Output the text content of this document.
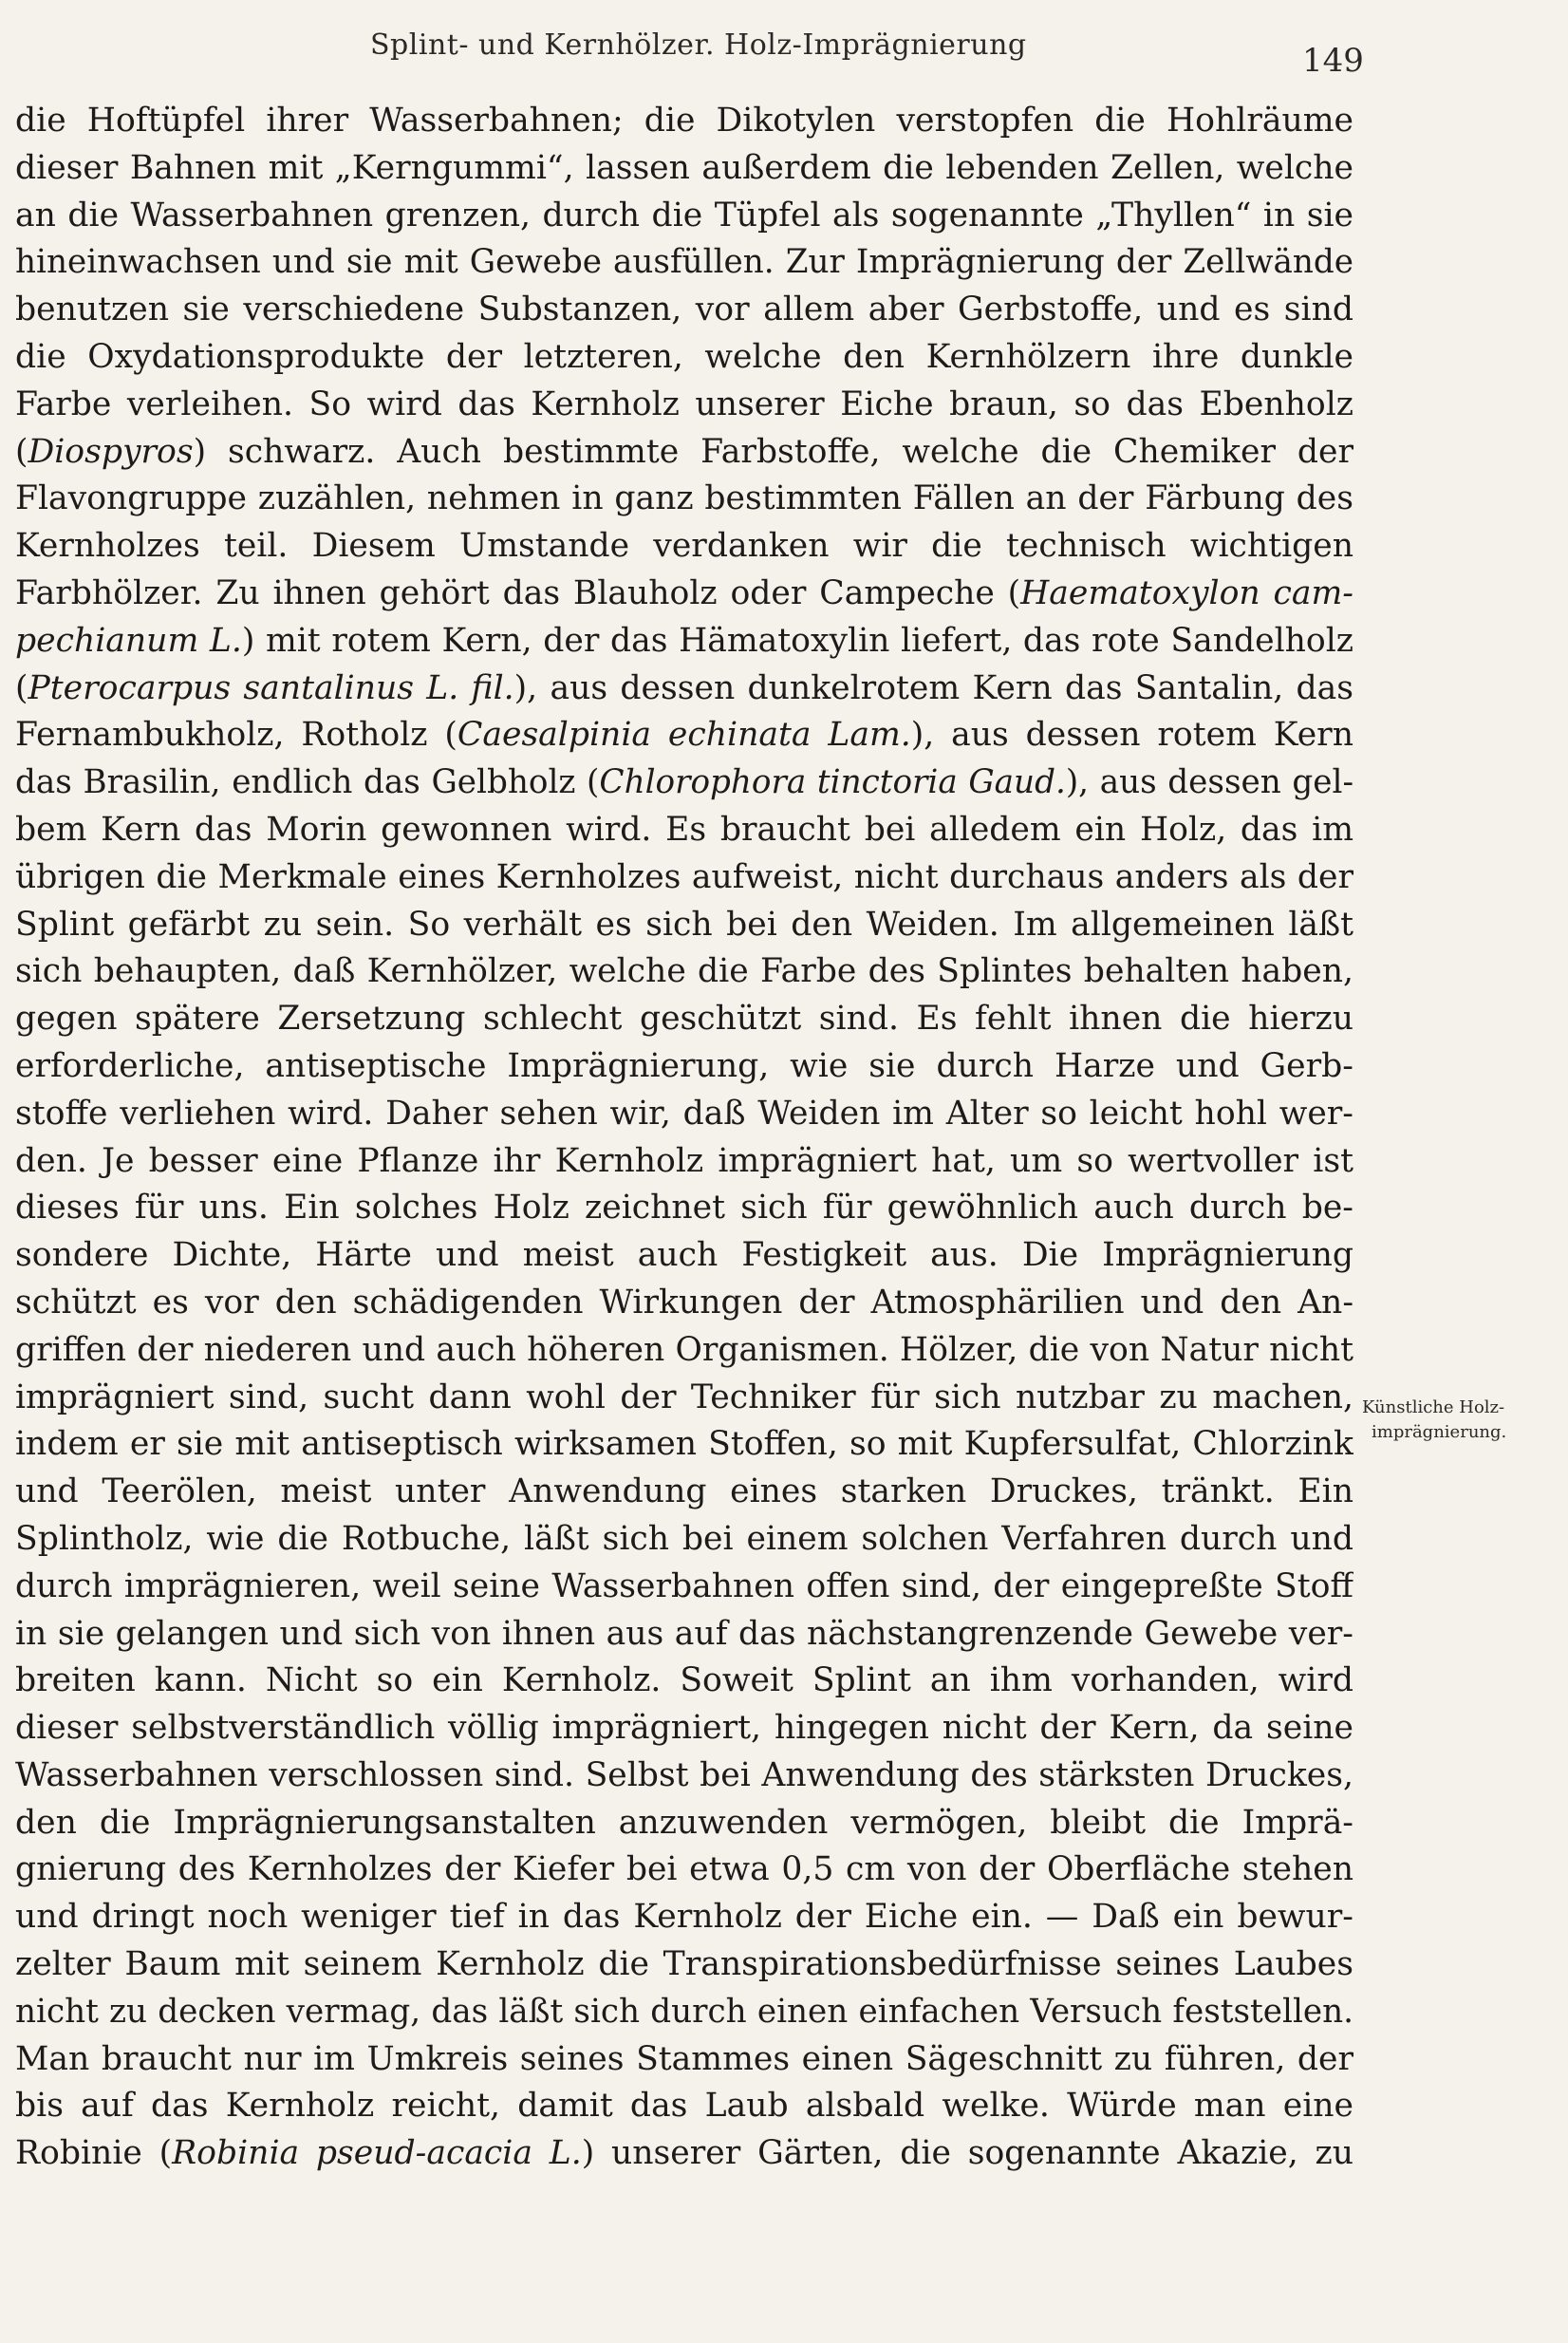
Splint- und Kernhölzer. Holz-Imprägnierung	149
die Hoftüpfel ihrer Wasserbahnen; die Dikotylen verstopfen die Hohlräume
dieser Bahnen mit „Kerngummi“, lassen außerdem die lebenden Zellen, welche
an die Wasserbahnen grenzen, durch die Tüpfel als sogenannte „Thyllen“ in sie
hineinwachsen und sie mit Gewebe ausfüllen. Zur Imprägnierung der Zellwände
benutzen sie verschiedene Substanzen, vor allem aber Gerbstoffe, und es sind
die Oxydationsprodukte der letzteren, welche den Kernhölzern ihre dunkle
Farbe verleihen. So wird das Kernholz unserer Eiche braun, so das Ebenholz
(Diospyros) schwarz. Auch bestimmte Farbstoffe, welche die Chemiker der
Flavongruppe zuzählen, nehmen in ganz bestimmten Fällen an der Färbung des
Kernholzes teil. Diesem Umstande verdanken wir die technisch wichtigen
Farbhölzer. Zu ihnen gehört das Blauholz oder Campeche (Haematoxylon cam-
pechianum L.) mit rotem Kern, der das Hämatoxylin liefert, das rote Sandelholz
(Pterocarpus santalinus L. fil.), aus dessen dunkelrotem Kern das Santalin, das
Fernambukholz, Rotholz (Caesalpinia echinata Lam.), aus dessen rotem Kern
das Brasilin, endlich das Gelbholz (Chlorophora tinctoria Gaud.), aus dessen gel-
bem Kern das Morin gewonnen wird. Es braucht bei alledem ein Holz, das im
übrigen die Merkmale eines Kernholzes aufweist, nicht durchaus anders als der
Splint gefärbt zu sein. So verhält es sich bei den Weiden. Im allgemeinen läßt
sich behaupten, daß Kernhölzer, welche die Farbe des Splintes behalten haben,
gegen spätere Zersetzung schlecht geschützt sind. Es fehlt ihnen die hierzu
erforderliche, antiseptische Imprägnierung, wie sie durch Harze und Gerb-
stoffe verliehen wird. Daher sehen wir, daß Weiden im Alter so leicht hohl wer-
den. Je besser eine Pflanze ihr Kernholz imprägniert hat, um so wertvoller ist
dieses für uns. Ein solches Holz zeichnet sich für gewöhnlich auch durch be-
sondere Dichte, Härte und meist auch Festigkeit aus. Die Imprägnierung
schützt es vor den schädigenden Wirkungen der Atmosphärilien und den An-
griffen der niederen und auch höheren Organismen. Hölzer, die von Natur nicht
imprägniert sind, sucht dann wohl der Techniker für sich nutzbar zu machen,
indem er sie mit antiseptisch wirksamen Stoffen, so mit Kupfersulfat, Chlorzink
und Teerölen, meist unter Anwendung eines starken Druckes, tränkt. Ein
Splintholz, wie die Rotbuche, läßt sich bei einem solchen Verfahren durch und
durch imprägnieren, weil seine Wasserbahnen offen sind, der eingepreßte Stoff
in sie gelangen und sich von ihnen aus auf das nächstangrenzende Gewebe ver-
breiten kann. Nicht so ein Kernholz. Soweit Splint an ihm vorhanden, wird
dieser selbstverständlich völlig imprägniert, hingegen nicht der Kern, da seine
Wasserbahnen verschlossen sind. Selbst bei Anwendung des stärksten Druckes,
den die Imprägnierungsanstalten anzuwenden vermögen, bleibt die Imprä-
gnierung des Kernholzes der Kiefer bei etwa 0,5 cm von der Oberfläche stehen
und dringt noch weniger tief in das Kernholz der Eiche ein. — Daß ein bewur-
zelter Baum mit seinem Kernholz die Transpirationsbedürfnisse seines Laubes
nicht zu decken vermag, das läßt sich durch einen einfachen Versuch feststellen.
Man braucht nur im Umkreis seines Stammes einen Sägeschnitt zu führen, der
bis auf das Kernholz reicht, damit das Laub alsbald welke. Würde man eine
Robinie (Robinia pseud-acacia L.) unserer Gärten, die sogenannte Akazie, zu
Künstliche Holz-
imprägnierung.
